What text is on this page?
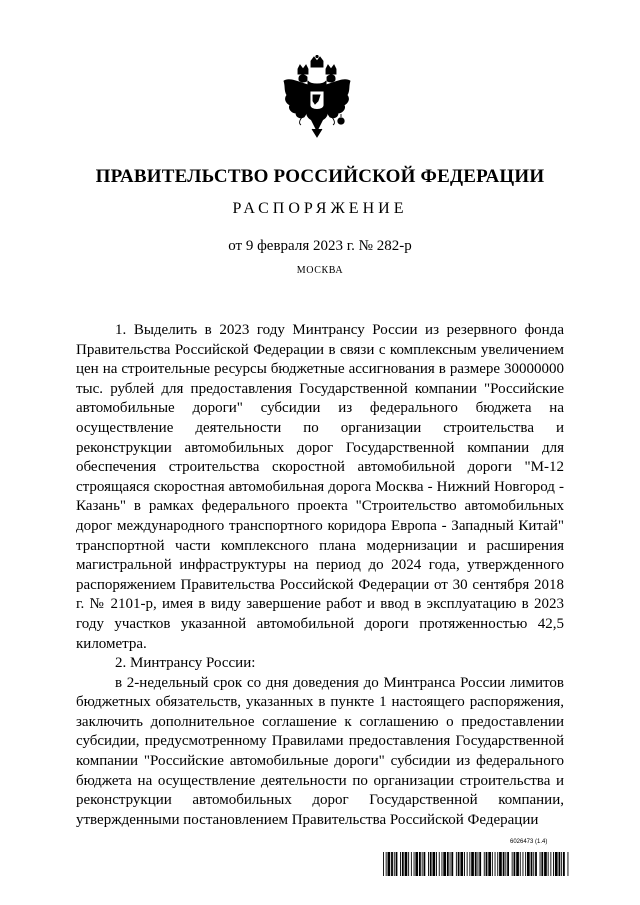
ПРАВИТЕЛЬСТВО РОССИЙСКОЙ ФЕДЕРАЦИИ
РАСПОРЯЖЕНИЕ
от 9 февраля 2023 г. № 282-р
МОСКВА

1. Выделить в 2023 году Минтрансу России из резервного фонда Правительства Российской Федерации в связи с комплексным увеличением цен на строительные ресурсы бюджетные ассигнования в размере 30000000 тыс. рублей для предоставления Государственной компании "Российские автомобильные дороги" субсидии из федерального бюджета на осуществление деятельности по организации строительства и реконструкции автомобильных дорог Государственной компании для обеспечения строительства скоростной автомобильной дороги "М-12 строящаяся скоростная автомобильная дорога Москва - Нижний Новгород - Казань" в рамках федерального проекта "Строительство автомобильных дорог международного транспортного коридора Европа - Западный Китай" транспортной части комплексного плана модернизации и расширения магистральной инфраструктуры на период до 2024 года, утвержденного распоряжением Правительства Российской Федерации от 30 сентября 2018 г. № 2101-р, имея в виду завершение работ и ввод в эксплуатацию в 2023 году участков указанной автомобильной дороги протяженностью 42,5 километра.

2. Минтрансу России:

в 2-недельный срок со дня доведения до Минтранса России лимитов бюджетных обязательств, указанных в пункте 1 настоящего распоряжения, заключить дополнительное соглашение к соглашению о предоставлении субсидии, предусмотренному Правилами предоставления Государственной компании "Российские автомобильные дороги" субсидии из федерального бюджета на осуществление деятельности по организации строительства и реконструкции автомобильных дорог Государственной компании, утвержденными постановлением Правительства Российской Федерации

6026473 (1.4)
